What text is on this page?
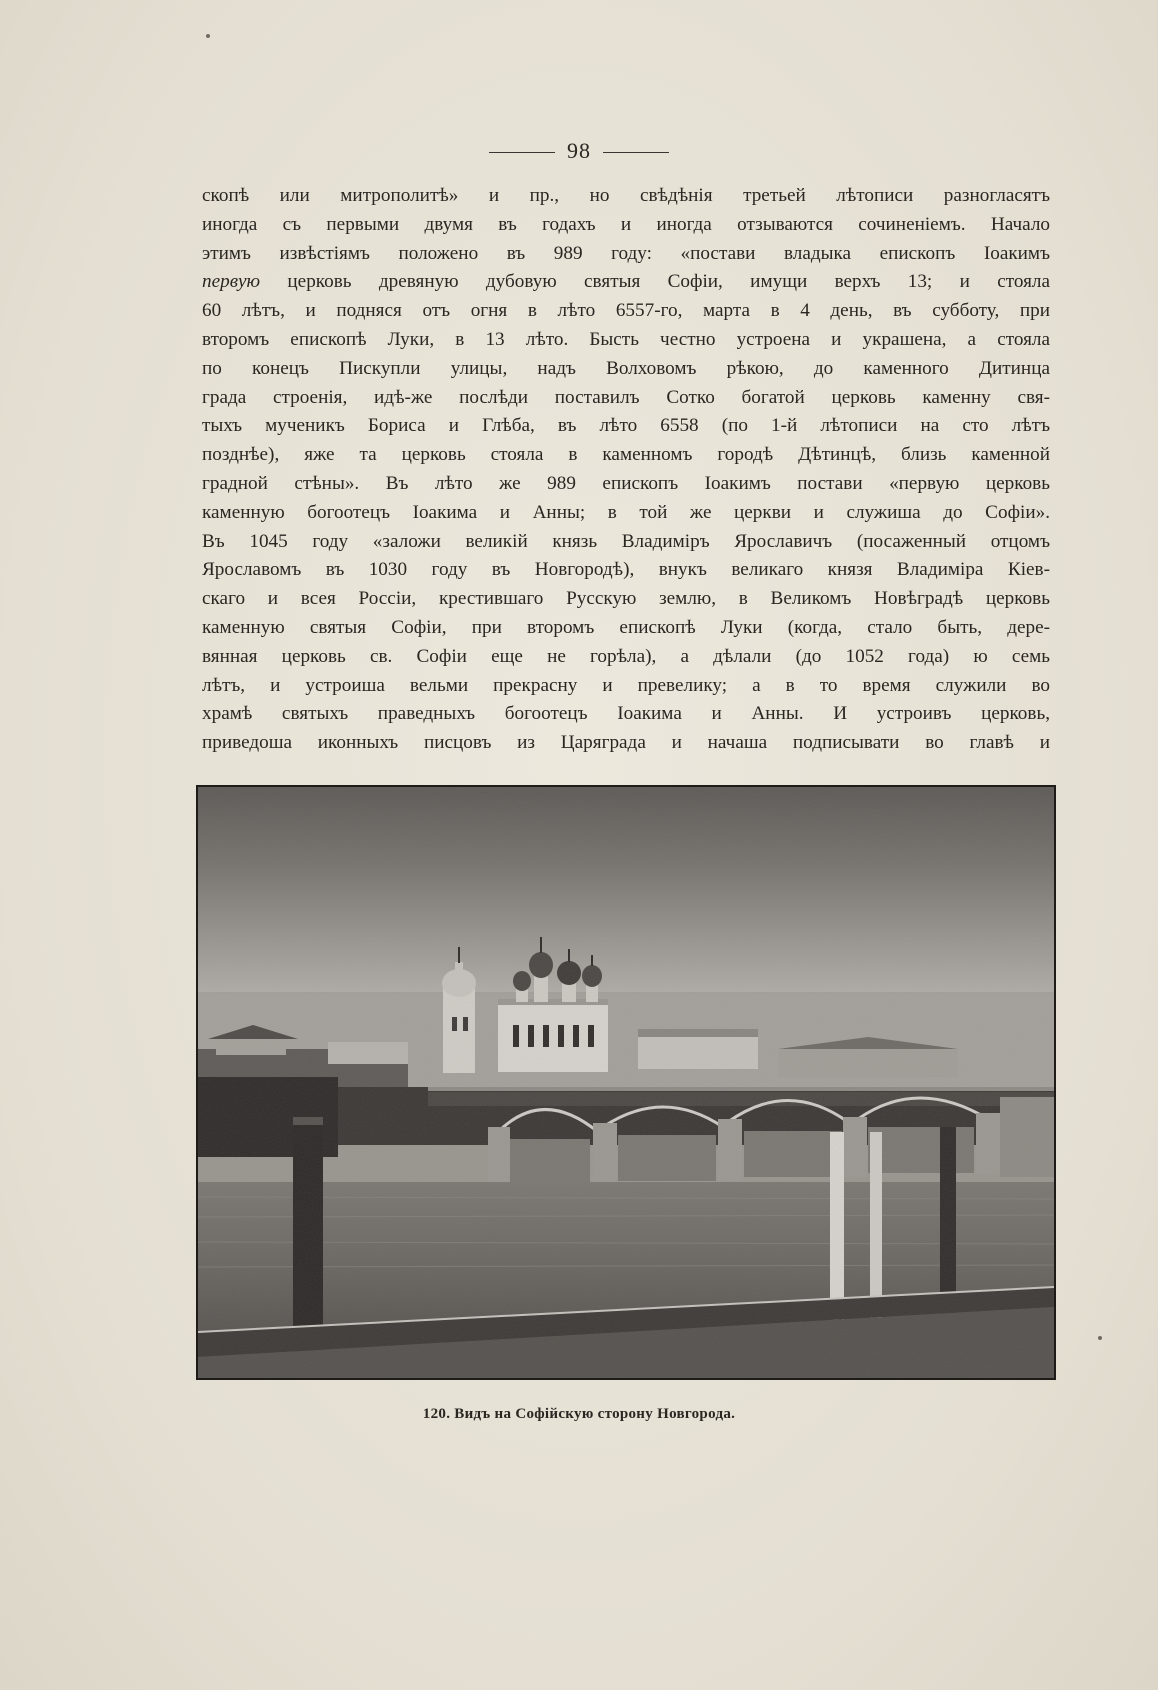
98
скопѣ или митрополитѣ» и пр., но свѣдѣнія третьей лѣтописи разногласятъ
иногда съ первыми двумя въ годахъ и иногда отзываются сочиненіемъ. Начало
этимъ извѣстіямъ положено въ 989 году: «постави владыка епископъ Іоакимъ
первую церковь древяную дубовую святыя Софіи, имущи верхъ 13; и стояла
60 лѣтъ, и подняся отъ огня в лѣто 6557-го, марта в 4 день, въ субботу, при
второмъ епископѣ Луки, в 13 лѣто. Бысть честно устроена и украшена, а стояла
по конецъ Пискупли улицы, надъ Волховомъ рѣкою, до каменного Дитинца
града строенія, идѣ-же послѣди поставилъ Сотко богатой церковь каменну свя-
тыхъ мученикъ Бориса и Глѣба, въ лѣто 6558 (по 1-й лѣтописи на сто лѣтъ
позднѣе), яже та церковь стояла в каменномъ городѣ Дѣтинцѣ, близь каменной
градной стѣны». Въ лѣто же 989 епископъ Іоакимъ постави «первую церковь
каменную богоотецъ Іоакима и Анны; в той же церкви и служиша до Софіи».
Въ 1045 году «заложи великій князь Владиміръ Ярославичъ (посаженный отцомъ
Ярославомъ въ 1030 году въ Новгородѣ), внукъ великаго князя Владиміра Кіев-
скаго и всея Россіи, крестившаго Русскую землю, в Великомъ Новѣградѣ церковь
каменную святыя Софіи, при второмъ епископѣ Луки (когда, стало быть, дере-
вянная церковь св. Софіи еще не горѣла), а дѣлали (до 1052 года) ю семь
лѣтъ, и устроиша вельми прекрасну и превелику; а в то время служили во
храмѣ святыхъ праведныхъ богоотецъ Іоакима и Анны. И устроивъ церковь,
приведоша иконныхъ писцовъ из Царяграда и начаша подписывати во главѣ и
120. Видъ на Софійскую сторону Новгорода.
